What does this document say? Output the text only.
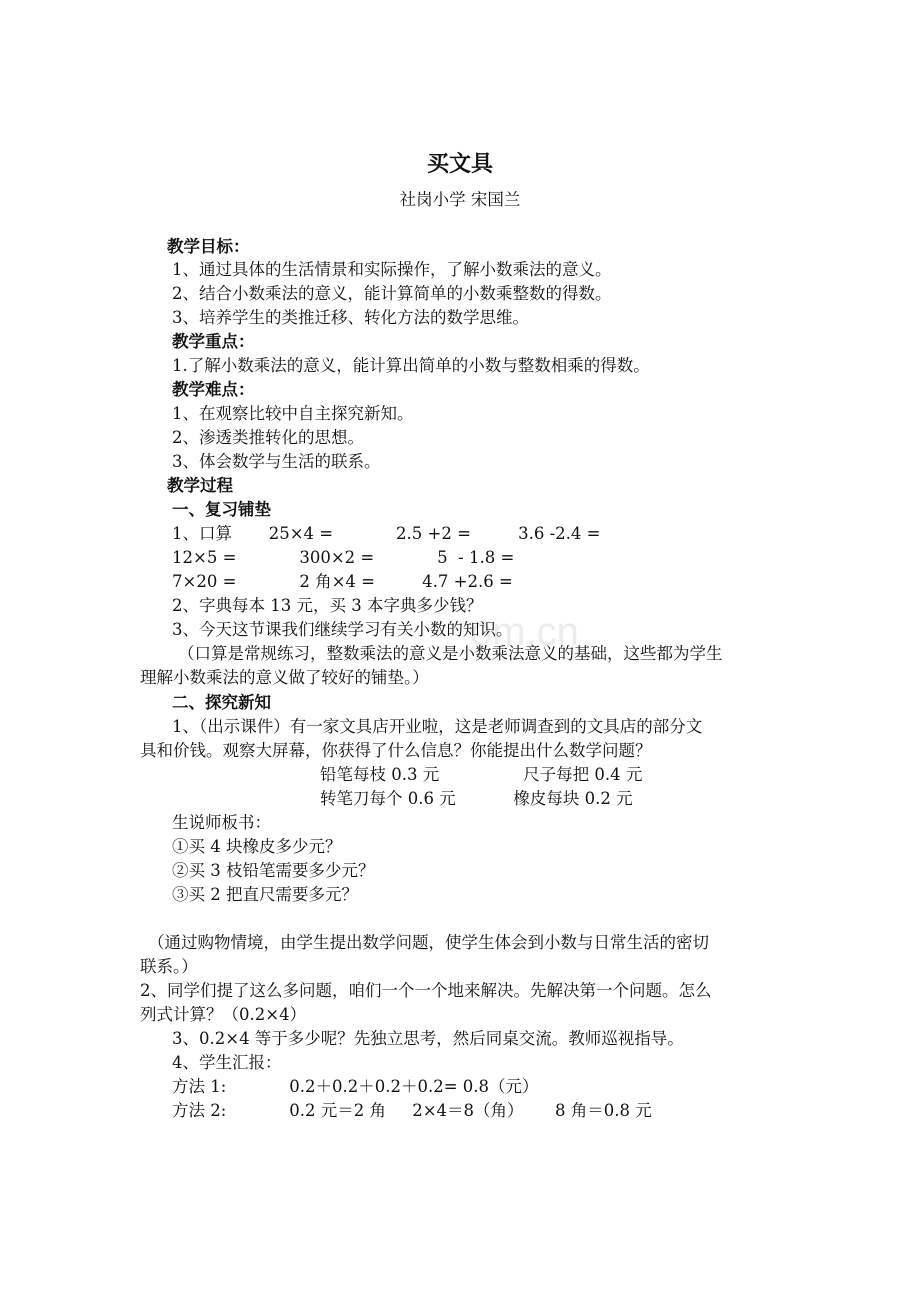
买文具
社岗小学 宋国兰
om.cn
教学目标：
1、通过具体的生活情景和实际操作，了解小数乘法的意义。
2、结合小数乘法的意义，能计算简单的小数乘整数的得数。
3、培养学生的类推迁移、转化方法的数学思维。
教学重点：
1.了解小数乘法的意义，能计算出简单的小数与整数相乘的得数。
教学难点：
1、在观察比较中自主探究新知。
2、渗透类推转化的思想。
3、体会数学与生活的联系。
教学过程
一、复习铺垫
1、口算       25×4 =            2.5 +2 =         3.6 -2.4 =
12×5 =            300×2 =            5  - 1.8 =
7×20 =            2 角×4 =         4.7 +2.6 =
2、字典每本 13 元，买 3 本字典多少钱？
3、今天这节课我们继续学习有关小数的知识。
（口算是常规练习，整数乘法的意义是小数乘法意义的基础，这些都为学生
理解小数乘法的意义做了较好的铺垫。）
二、探究新知
1、（出示课件）有一家文具店开业啦，这是老师调查到的文具店的部分文
具和价钱。观察大屏幕，你获得了什么信息？你能提出什么数学问题？
铅笔每枝 0.3 元                尺子每把 0.4 元
转笔刀每个 0.6 元           橡皮每块 0.2 元
生说师板书：
①买 4 块橡皮多少元？
②买 3 枝铅笔需要多少元？
③买 2 把直尺需要多元？
（通过购物情境，由学生提出数学问题，使学生体会到小数与日常生活的密切
联系。）
2、同学们提了这么多问题，咱们一个一个地来解决。先解决第一个问题。怎么
列式计算？（0.2×4）
3、0.2×4 等于多少呢？先独立思考，然后同桌交流。教师巡视指导。
4、学生汇报：
方法 1:            0.2＋0.2＋0.2＋0.2= 0.8（元）
方法 2:            0.2 元＝2 角     2×4＝8（角）      8 角＝0.8 元
